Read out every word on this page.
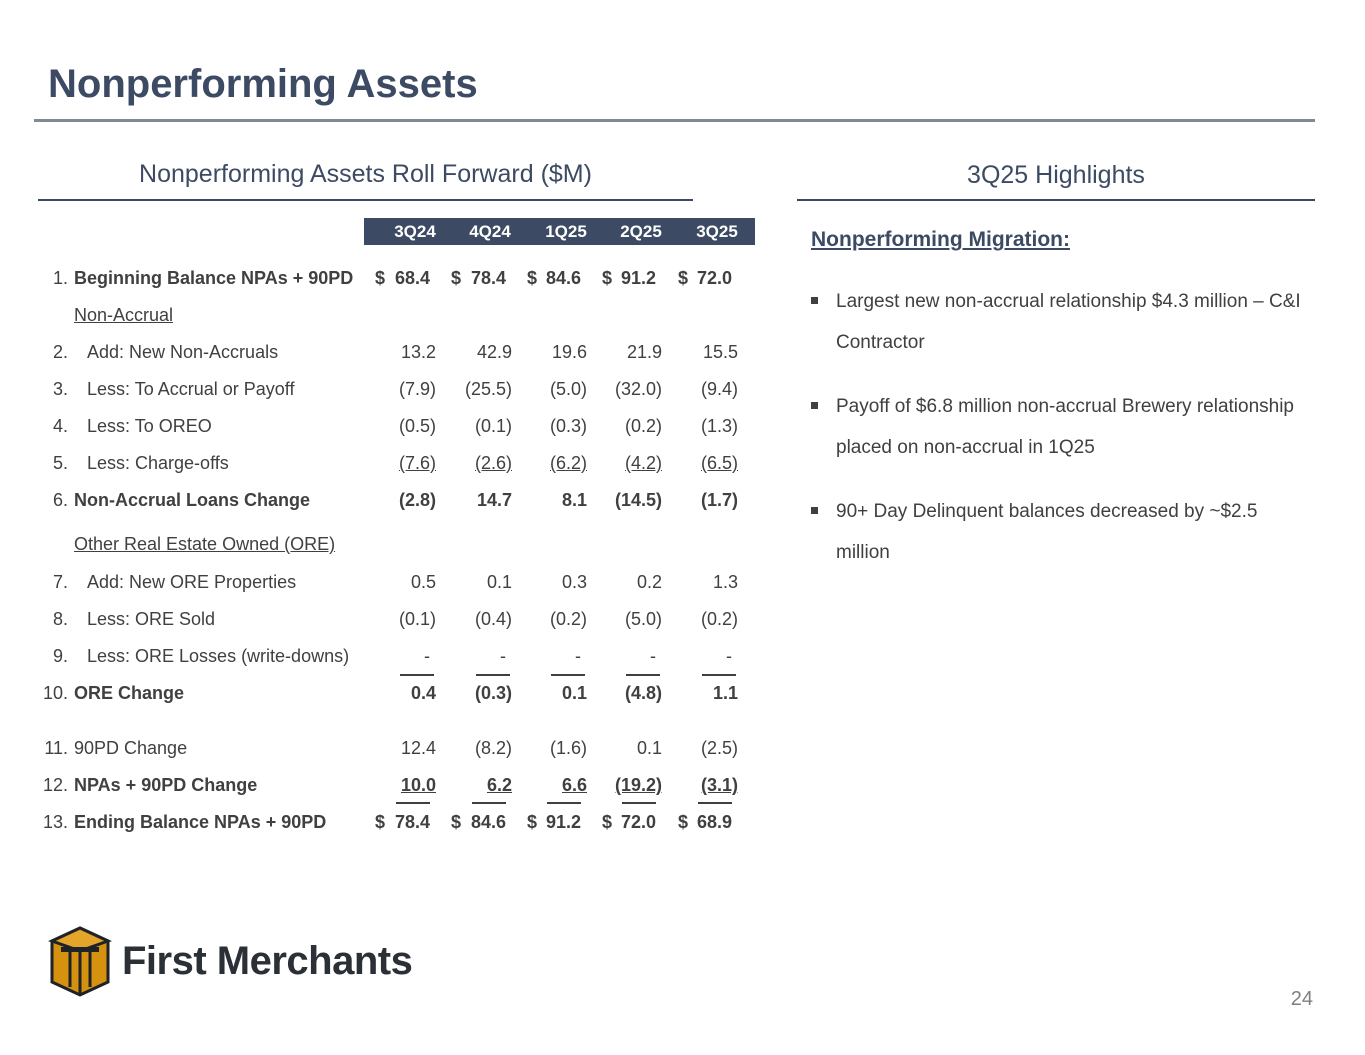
Nonperforming Assets
Nonperforming Assets Roll Forward ($M)	3Q25 Highlights
3Q24	4Q24	1Q25	2Q25	3Q25
Non-Accrual
Other Real Estate Owned (ORE)
1. Beginning Balance NPAs + 90PD $ 68.4 $ 78.4 $ 84.6 $ 91.2 $ 72.0
2. Add: New Non-Accruals	13.2	42.9	19.6	21.9	15.5
3. Less: To Accrual or Payoff	(7.9)	(25.5)	(5.0)	(32.0)	(9.4)
4. Less: To OREO	(0.5)	(0.1)	(0.3)	(0.2)	(1.3)
5. Less: Charge-offs	(7.6)	(2.6)	(6.2)	(4.2)	(6.5)
6. Non-Accrual Loans Change	(2.8)	14.7	8.1	(14.5)	(1.7)
7. Add: New ORE Properties	0.5	0.1	0.3	0.2	1.3
8. Less: ORE Sold	(0.1)	(0.4)	(0.2)	(5.0)	(0.2)
9. Less: ORE Losses (write-downs)	-	-	-	-	-
10. ORE Change	0.4	(0.3)	0.1	(4.8)	1.1
11. 90PD Change	12.4	(8.2)	(1.6)	0.1	(2.5)
12. NPAs + 90PD Change	10.0	6.2	6.6	(19.2)	(3.1)
13. Ending Balance NPAs + 90PD	$ 78.4 $ 84.6 $ 91.2 $ 72.0 $ 68.9
Nonperforming Migration:
Largest new non-accrual relationship $4.3 million – C&I Contractor
Payoff of $6.8 million non-accrual Brewery relationship placed on non-accrual in 1Q25
90+ Day Delinquent balances decreased by ~$2.5 million
First Merchants
24
